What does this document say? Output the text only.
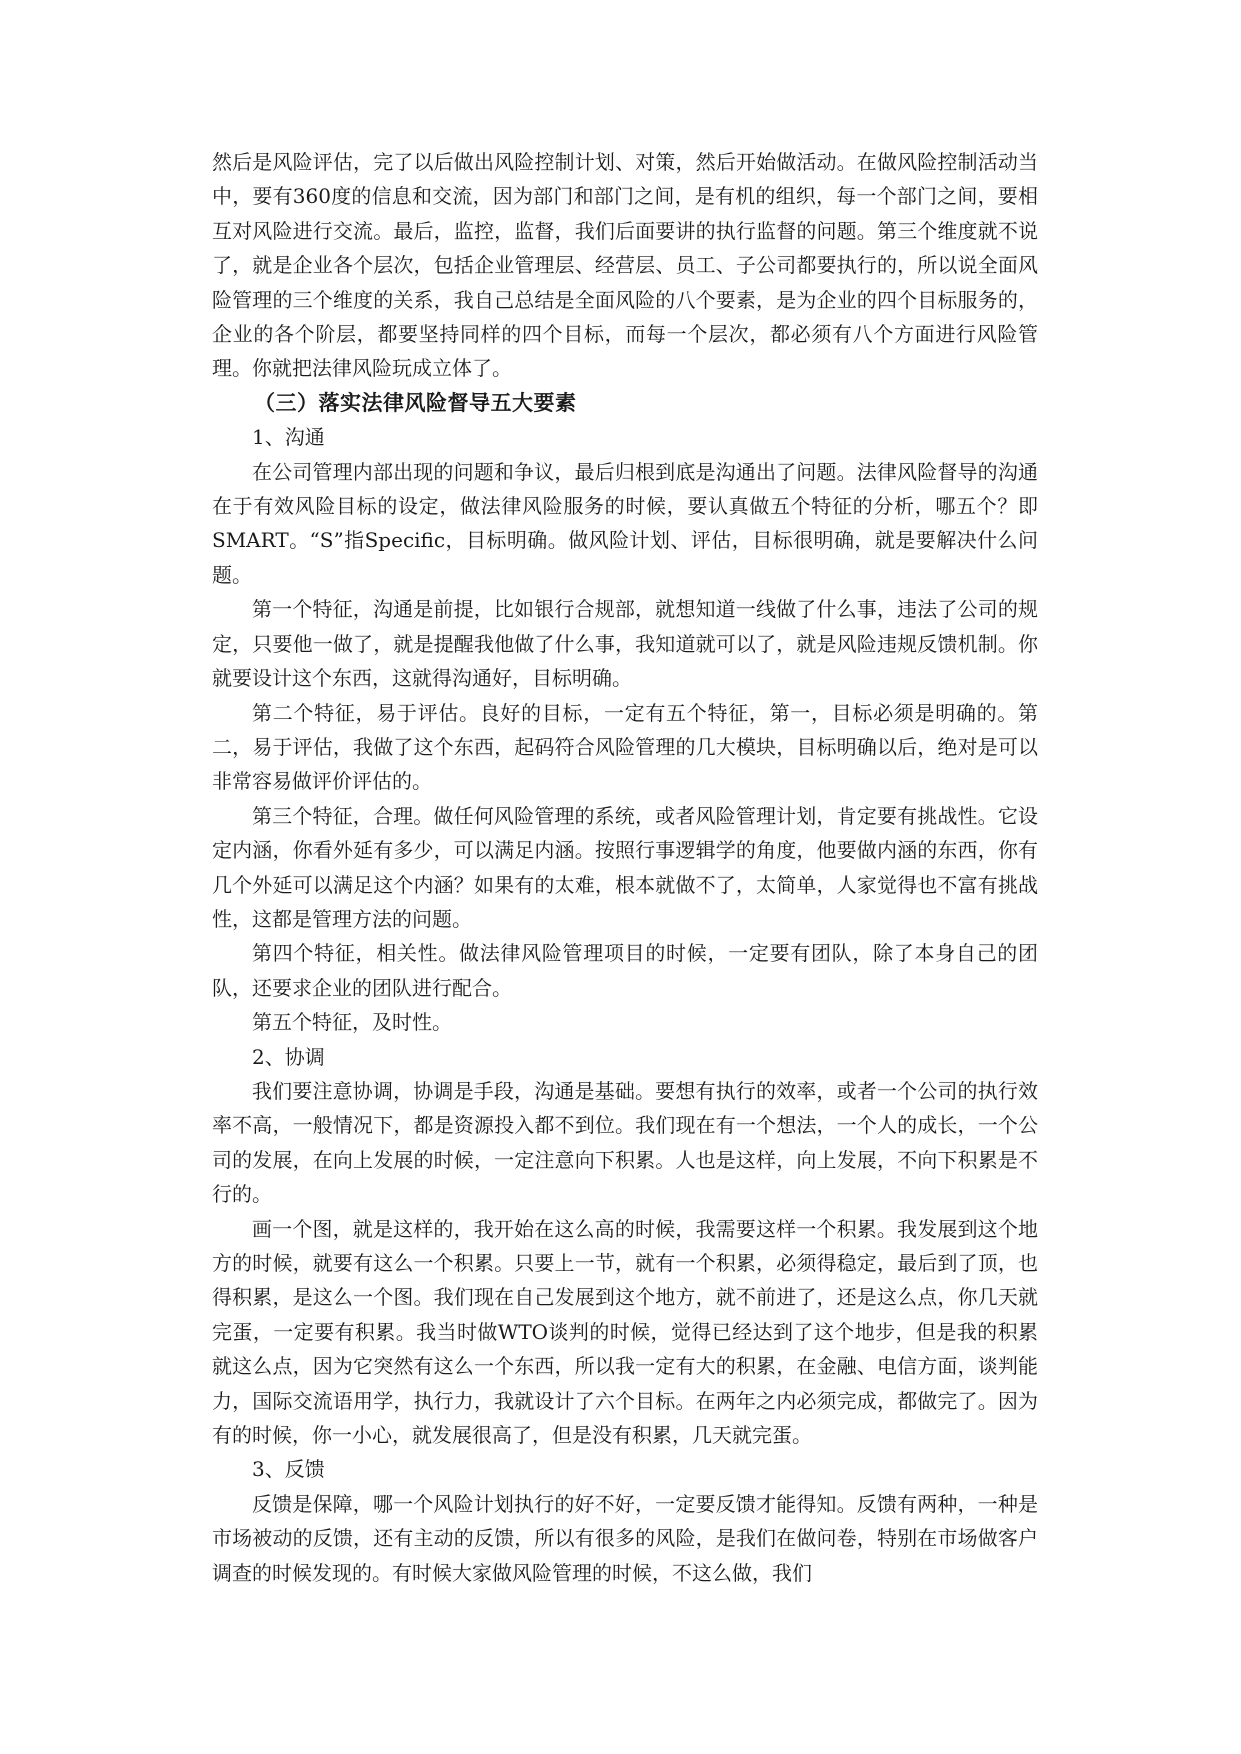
然后是风险评估，完了以后做出风险控制计划、对策，然后开始做活动。在做风险控制活动当中，要有360度的信息和交流，因为部门和部门之间，是有机的组织，每一个部门之间，要相互对风险进行交流。最后，监控，监督，我们后面要讲的执行监督的问题。第三个维度就不说了，就是企业各个层次，包括企业管理层、经营层、员工、子公司都要执行的，所以说全面风险管理的三个维度的关系，我自己总结是全面风险的八个要素，是为企业的四个目标服务的，企业的各个阶层，都要坚持同样的四个目标，而每一个层次，都必须有八个方面进行风险管理。你就把法律风险玩成立体了。

（三）落实法律风险督导五大要素

1、沟通

在公司管理内部出现的问题和争议，最后归根到底是沟通出了问题。法律风险督导的沟通在于有效风险目标的设定，做法律风险服务的时候，要认真做五个特征的分析，哪五个？即SMART。“S”指Specific，目标明确。做风险计划、评估，目标很明确，就是要解决什么问题。

第一个特征，沟通是前提，比如银行合规部，就想知道一线做了什么事，违法了公司的规定，只要他一做了，就是提醒我他做了什么事，我知道就可以了，就是风险违规反馈机制。你就要设计这个东西，这就得沟通好，目标明确。

第二个特征，易于评估。良好的目标，一定有五个特征，第一，目标必须是明确的。第二，易于评估，我做了这个东西，起码符合风险管理的几大模块，目标明确以后，绝对是可以非常容易做评价评估的。

第三个特征，合理。做任何风险管理的系统，或者风险管理计划，肯定要有挑战性。它设定内涵，你看外延有多少，可以满足内涵。按照行事逻辑学的角度，他要做内涵的东西，你有几个外延可以满足这个内涵？如果有的太难，根本就做不了，太简单，人家觉得也不富有挑战性，这都是管理方法的问题。

第四个特征，相关性。做法律风险管理项目的时候，一定要有团队，除了本身自己的团队，还要求企业的团队进行配合。

第五个特征，及时性。

2、协调

我们要注意协调，协调是手段，沟通是基础。要想有执行的效率，或者一个公司的执行效率不高，一般情况下，都是资源投入都不到位。我们现在有一个想法，一个人的成长，一个公司的发展，在向上发展的时候，一定注意向下积累。人也是这样，向上发展，不向下积累是不行的。

画一个图，就是这样的，我开始在这么高的时候，我需要这样一个积累。我发展到这个地方的时候，就要有这么一个积累。只要上一节，就有一个积累，必须得稳定，最后到了顶，也得积累，是这么一个图。我们现在自己发展到这个地方，就不前进了，还是这么点，你几天就完蛋，一定要有积累。我当时做WTO谈判的时候，觉得已经达到了这个地步，但是我的积累就这么点，因为它突然有这么一个东西，所以我一定有大的积累，在金融、电信方面，谈判能力，国际交流语用学，执行力，我就设计了六个目标。在两年之内必须完成，都做完了。因为有的时候，你一小心，就发展很高了，但是没有积累，几天就完蛋。

3、反馈

反馈是保障，哪一个风险计划执行的好不好，一定要反馈才能得知。反馈有两种，一种是市场被动的反馈，还有主动的反馈，所以有很多的风险，是我们在做问卷，特别在市场做客户调查的时候发现的。有时候大家做风险管理的时候，不这么做，我们
